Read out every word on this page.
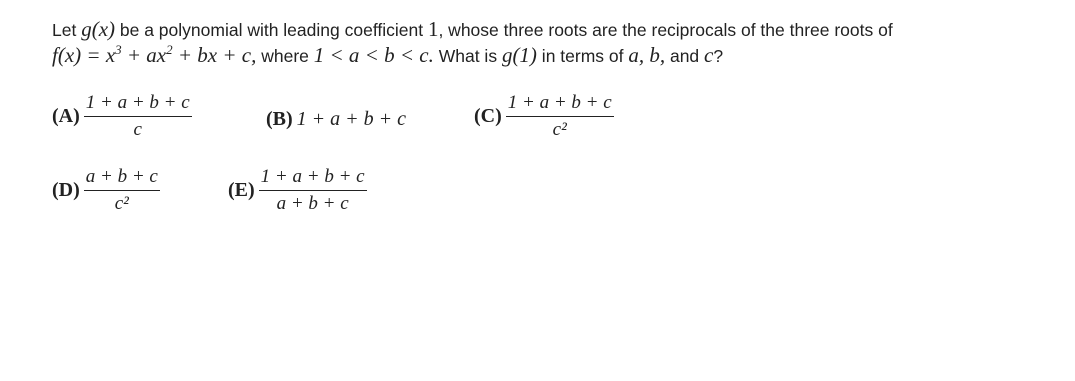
Let g(x) be a polynomial with leading coefficient 1, whose three roots are the reciprocals of the three roots of
$f(x) = x^3 + ax^2$ + bx + c, where 1 < a < b < c. What is g(1) in terms of a, b, and c?
$(A) \frac{1 + a + b + c}{c}$	(B) 1 + a + b + c	$(C) \frac{1 + a + b + c}{\text{c²}}$
$(D) \frac{a + b + c}{\text{c²}}$	$(E) \frac{1 + a + b + c}{a + b + c}$
